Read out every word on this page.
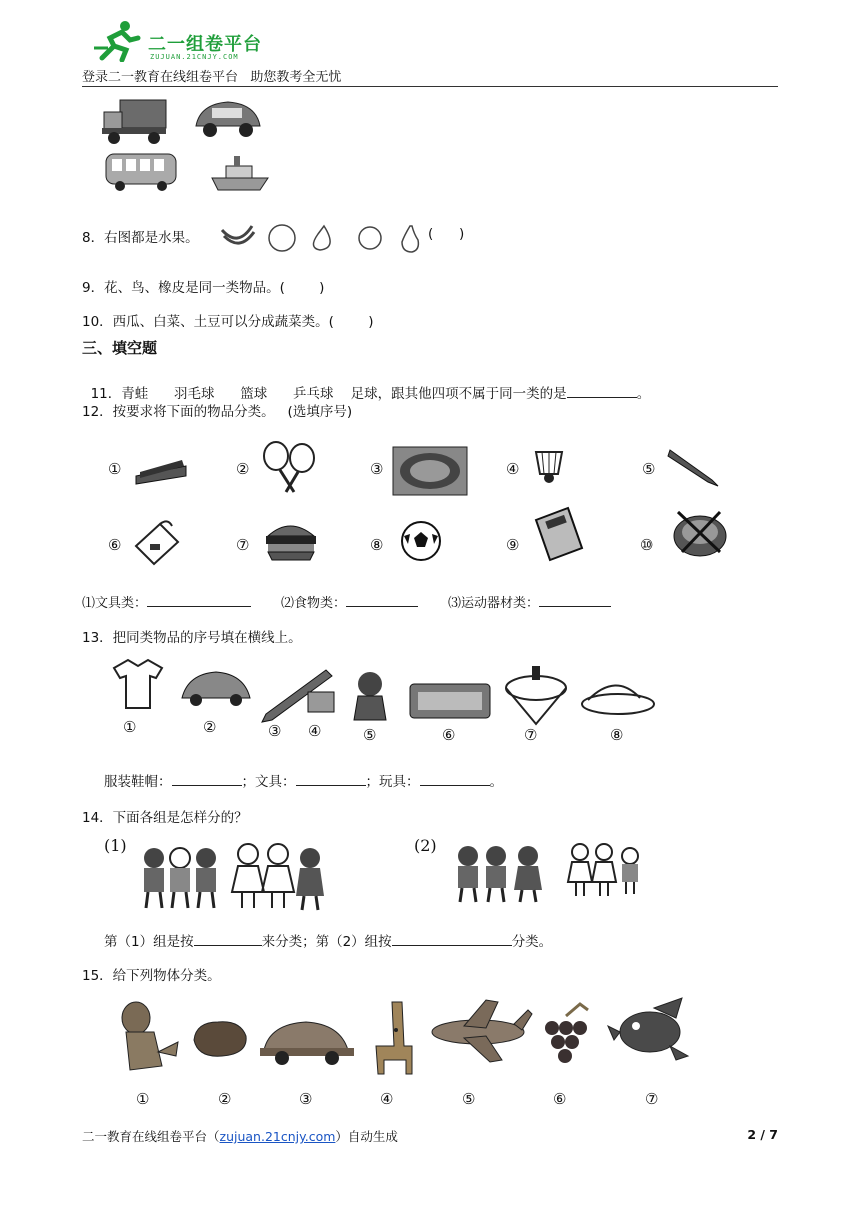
二一组卷平台
ZUJUAN.21CNJY.COM
登录二一教育在线组卷平台   助您教考全无忧
8．右图都是水果。	(      )
9．花、鸟、橡皮是同一类物品。(        )
10．西瓜、白菜、土豆可以分成蔬菜类。(        )
三、填空题

11．青蛙      羽毛球      篮球      乒乓球    足球，跟其他四项不属于同一类的是	。

12．按要求将下面的物品分类。   (选填序号)
①	②	③	④	⑤
⑥	⑦	⑧	⑨	⑩
⑴文具类：	⑵食物类：	⑶运动器材类：
13．把同类物品的序号填在横线上。
①	②	③ ④	⑤	⑥	⑦	⑧
服装鞋帽：	；文具：	；玩具：	。
14．下面各组是怎样分的？
(1)	(2)
第（1）组是按	来分类；第（2）组按	分类。
15．给下列物体分类。
①	②	③	④	⑤	⑥	⑦
二一教育在线组卷平台（zujuan.21cnjy.com）自动生成	2 / 7
